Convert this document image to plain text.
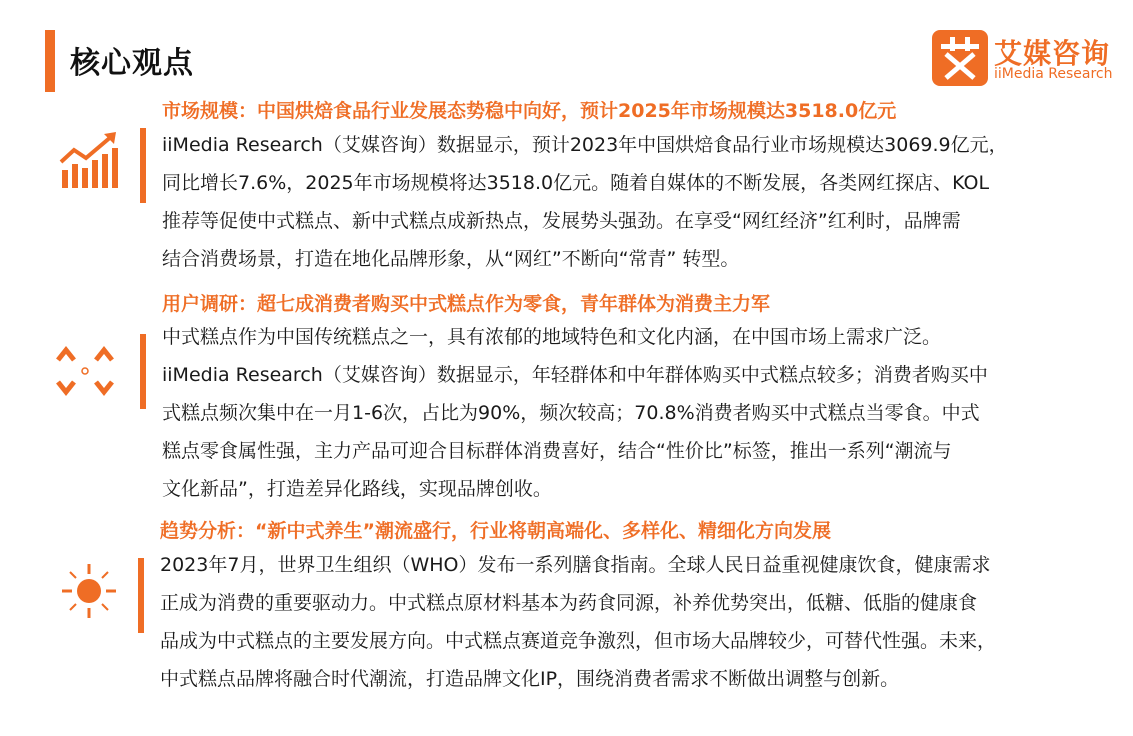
核心观点	艾媒咨询
iiMedia Research
市场规模：中国烘焙食品行业发展态势稳中向好，预计2025年市场规模达3518.0亿元
iiMedia Research（艾媒咨询）数据显示，预计2023年中国烘焙食品行业市场规模达3069.9亿元，
同比增长7.6%，2025年市场规模将达3518.0亿元。随着自媒体的不断发展，各类网红探店、KOL
推荐等促使中式糕点、新中式糕点成新热点，发展势头强劲。在享受“网红经济”红利时，品牌需
结合消费场景，打造在地化品牌形象，从“网红”不断向“常青” 转型。
用户调研：超七成消费者购买中式糕点作为零食，青年群体为消费主力军
中式糕点作为中国传统糕点之一，具有浓郁的地域特色和文化内涵，在中国市场上需求广泛。
iiMedia Research（艾媒咨询）数据显示，年轻群体和中年群体购买中式糕点较多；消费者购买中
式糕点频次集中在一月1-6次，占比为90%，频次较高；70.8%消费者购买中式糕点当零食。中式
糕点零食属性强，主力产品可迎合目标群体消费喜好，结合“性价比”标签，推出一系列“潮流与
文化新品”，打造差异化路线，实现品牌创收。
趋势分析：“新中式养生”潮流盛行，行业将朝高端化、多样化、精细化方向发展
2023年7月，世界卫生组织（WHO）发布一系列膳食指南。全球人民日益重视健康饮食，健康需求
正成为消费的重要驱动力。中式糕点原材料基本为药食同源，补养优势突出，低糖、低脂的健康食
品成为中式糕点的主要发展方向。中式糕点赛道竞争激烈，但市场大品牌较少，可替代性强。未来，
中式糕点品牌将融合时代潮流，打造品牌文化IP，围绕消费者需求不断做出调整与创新。
